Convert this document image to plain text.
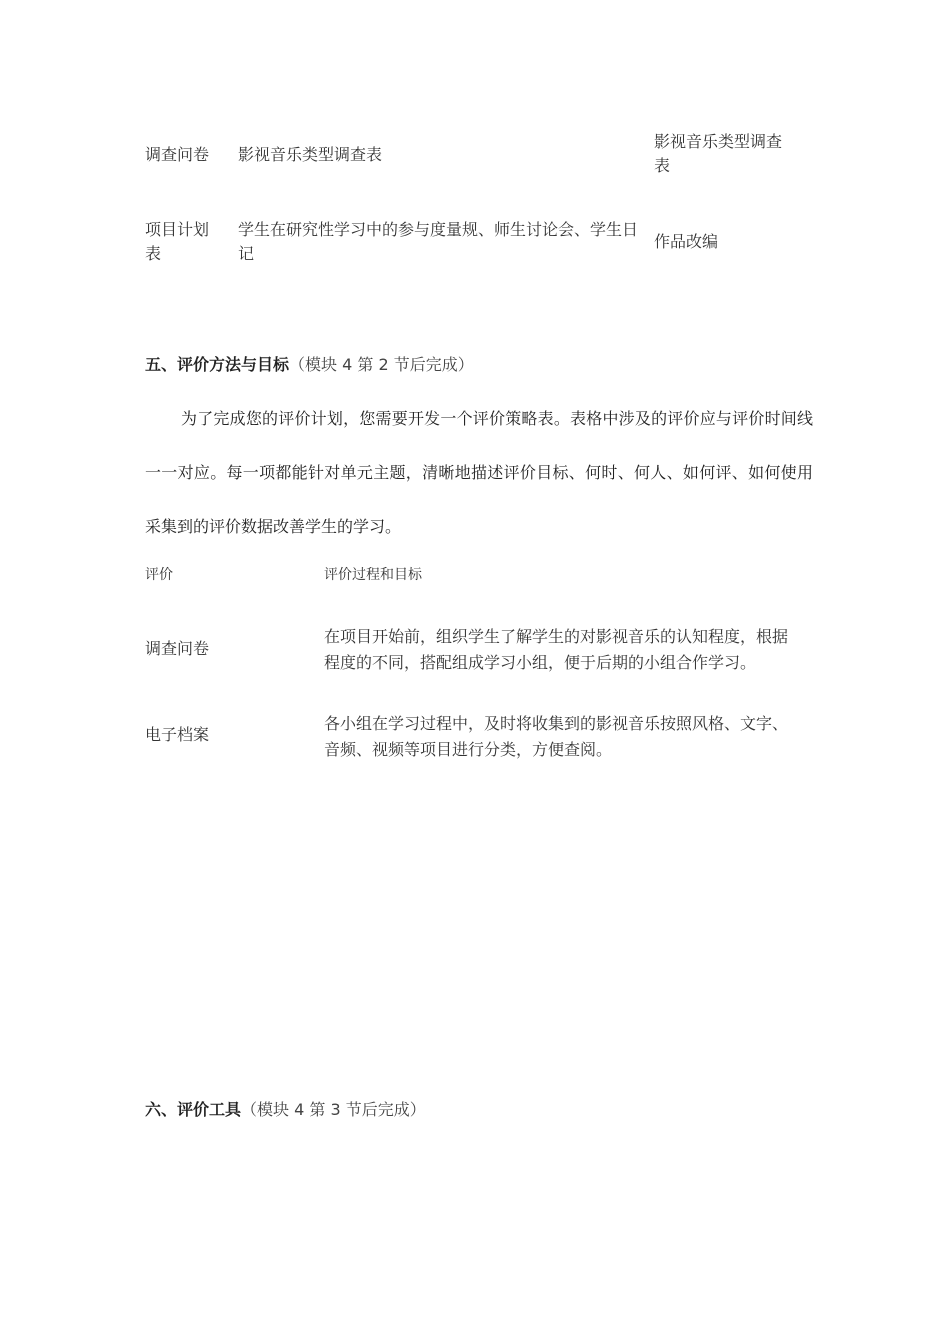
调查问卷	影视音乐类型调查表
影视音乐类型调查表
项目计划表
学生在研究性学习中的参与度量规、师生讨论会、学生日记
作品改编
五、评价方法与目标（模块 4 第 2 节后完成）
为了完成您的评价计划，您需要开发一个评价策略表。表格中涉及的评价应与评价时间线一一对应。每一项都能针对单元主题，清晰地描述评价目标、何时、何人、如何评、如何使用采集到的评价数据改善学生的学习。
评价	评价过程和目标
调查问卷
在项目开始前，组织学生了解学生的对影视音乐的认知程度，根据程度的不同，搭配组成学习小组，便于后期的小组合作学习。
电子档案
各小组在学习过程中，及时将收集到的影视音乐按照风格、文字、音频、视频等项目进行分类，方便查阅。
六、评价工具（模块 4 第 3 节后完成）
